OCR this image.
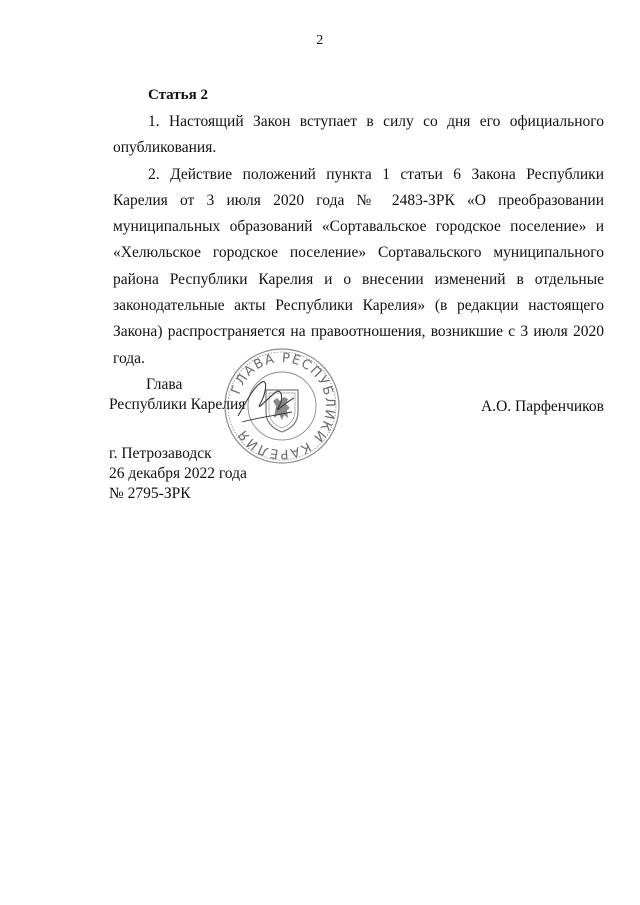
2
Статья 2

1. Настоящий Закон вступает в силу со дня его официального опубликования.

2. Действие положений пункта 1 статьи 6 Закона Республики Карелия от 3 июля 2020 года № 2483-ЗРК «О преобразовании муниципальных образований «Сортавальское городское поселение» и «Хелюльское городское поселение» Сортавальского муниципального района Республики Карелия и о внесении изменений в отдельные законодательные акты Республики Карелия» (в редакции настоящего Закона) распространяется на правоотношения, возникшие с 3 июля 2020 года.

ГЛАВА РЕСПУБЛИКИ КАРЕЛИЯ
Глава
Республики Карелия	А.О. Парфенчиков
г. Петрозаводск
26 декабря 2022 года
№ 2795-ЗРК
